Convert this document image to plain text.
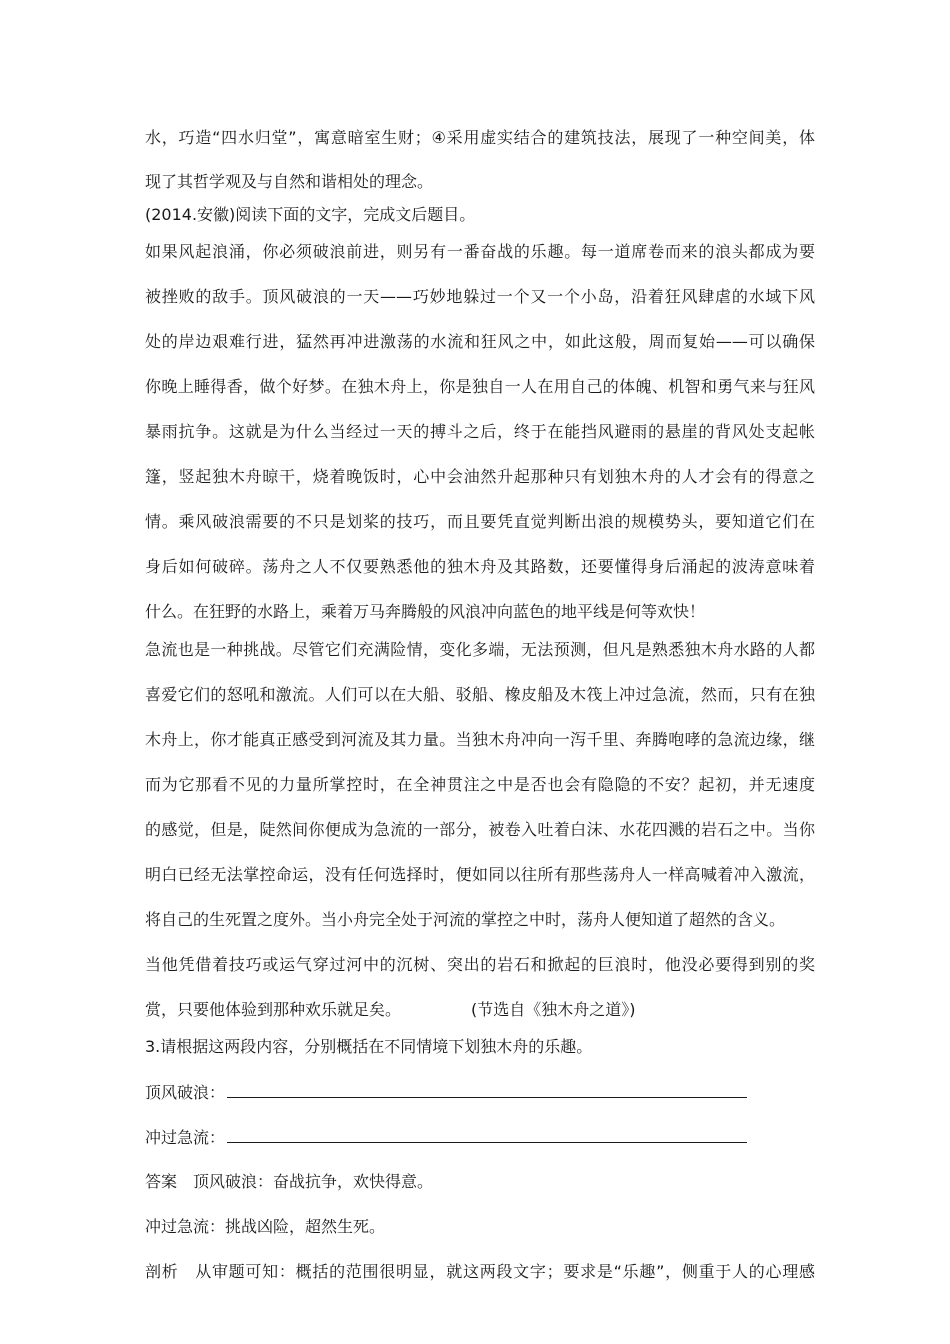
水，巧造“四水归堂”，寓意暗室生财；④采用虚实结合的建筑技法，展现了一种空间美，体
现了其哲学观及与自然和谐相处的理念。
(2014.安徽)阅读下面的文字，完成文后题目。
如果风起浪涌，你必须破浪前进，则另有一番奋战的乐趣。每一道席卷而来的浪头都成为要
被挫败的敌手。顶风破浪的一天——巧妙地躲过一个又一个小岛，沿着狂风肆虐的水域下风
处的岸边艰难行进，猛然再冲进激荡的水流和狂风之中，如此这般，周而复始——可以确保
你晚上睡得香，做个好梦。在独木舟上，你是独自一人在用自己的体魄、机智和勇气来与狂风
暴雨抗争。这就是为什么当经过一天的搏斗之后，终于在能挡风避雨的悬崖的背风处支起帐
篷，竖起独木舟晾干，烧着晚饭时，心中会油然升起那种只有划独木舟的人才会有的得意之
情。乘风破浪需要的不只是划桨的技巧，而且要凭直觉判断出浪的规模势头，要知道它们在
身后如何破碎。荡舟之人不仅要熟悉他的独木舟及其路数，还要懂得身后涌起的波涛意味着
什么。在狂野的水路上，乘着万马奔腾般的风浪冲向蓝色的地平线是何等欢快！
急流也是一种挑战。尽管它们充满险情，变化多端，无法预测，但凡是熟悉独木舟水路的人都
喜爱它们的怒吼和激流。人们可以在大船、驳船、橡皮船及木筏上冲过急流，然而，只有在独
木舟上，你才能真正感受到河流及其力量。当独木舟冲向一泻千里、奔腾咆哮的急流边缘，继
而为它那看不见的力量所掌控时，在全神贯注之中是否也会有隐隐的不安？起初，并无速度
的感觉，但是，陡然间你便成为急流的一部分，被卷入吐着白沫、水花四溅的岩石之中。当你
明白已经无法掌控命运，没有任何选择时，便如同以往所有那些荡舟人一样高喊着冲入激流，
将自己的生死置之度外。当小舟完全处于河流的掌控之中时，荡舟人便知道了超然的含义。
当他凭借着技巧或运气穿过河中的沉树、突出的岩石和掀起的巨浪时，他没必要得到别的奖
赏，只要他体验到那种欢乐就足矣。	(节选自《独木舟之道》)
3.请根据这两段内容，分别概括在不同情境下划独木舟的乐趣。
顶风破浪：
冲过急流：
答案　顶风破浪：奋战抗争，欢快得意。
冲过急流：挑战凶险，超然生死。
剖析　从审题可知：概括的范围很明显，就这两段文字；要求是“乐趣”，侧重于人的心理感
